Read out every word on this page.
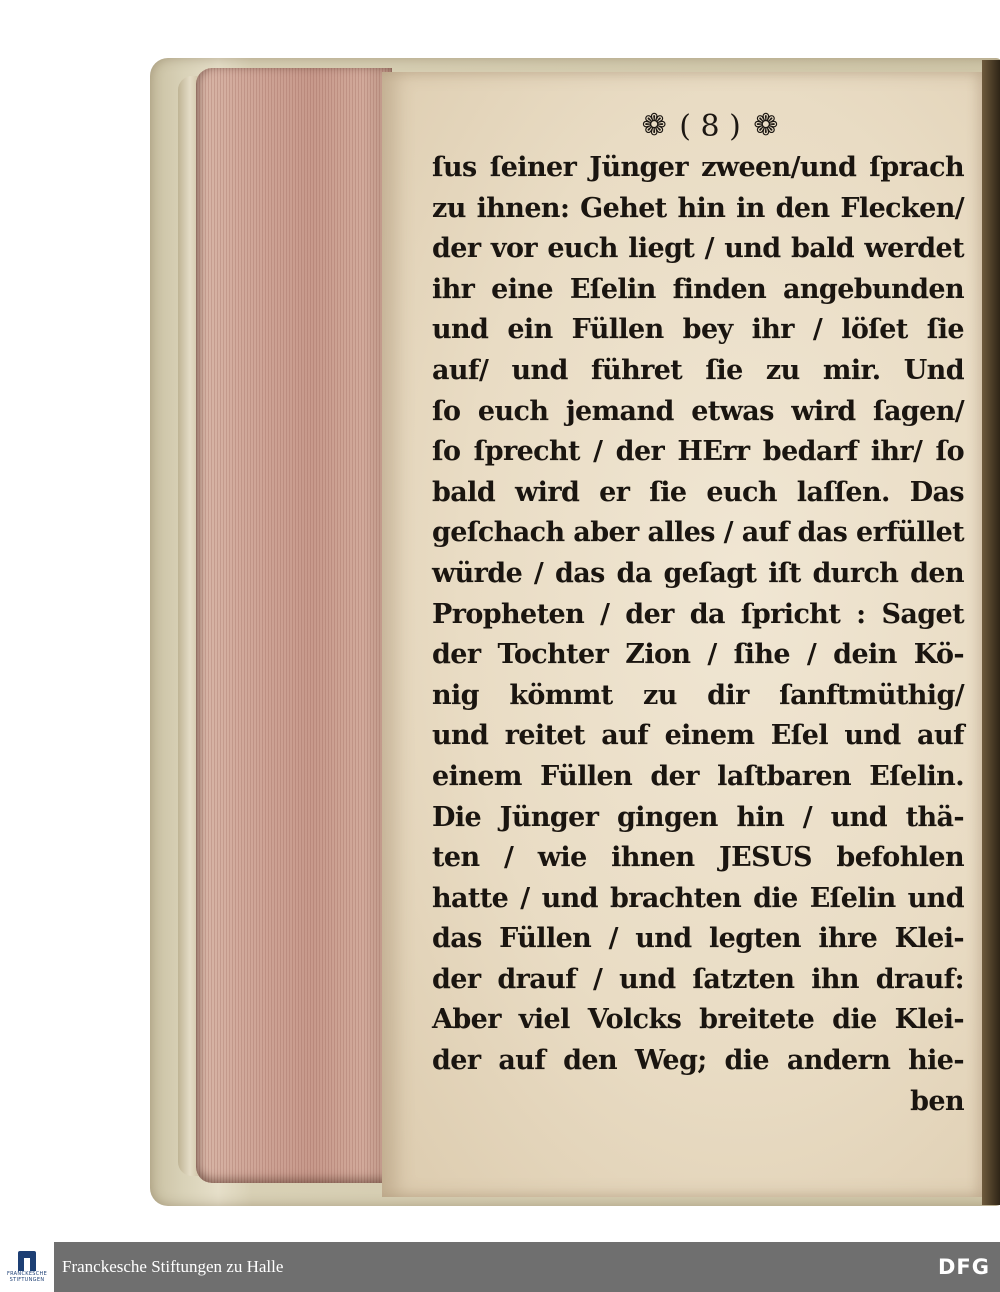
❁ ( 8 ) ❁
ſus ſeiner Jünger zween/und ſprach
zu ihnen: Gehet hin in den Flecken/
der vor euch liegt / und bald werdet
ihr eine Eſelin finden angebunden
und ein Füllen bey ihr / löſet ſie
auf/ und führet ſie zu mir. Und
ſo euch jemand etwas wird ſagen/
ſo ſprecht / der HErr bedarf ihr/ ſo
bald wird er ſie euch laſſen. Das
geſchach aber alles / auf das erfüllet
würde / das da geſagt iſt durch den
Propheten / der da ſpricht : Saget
der Tochter Zion / ſihe / dein Kö-
nig kömmt zu dir ſanftmüthig/
und reitet auf einem Eſel und auf
einem Füllen der laſtbaren Eſelin.
Die Jünger gingen hin / und thä-
ten / wie ihnen JESUS befohlen
hatte / und brachten die Eſelin und
das Füllen / und legten ihre Klei-
der drauf / und ſatzten ihn drauf:
Aber viel Volcks breitete die Klei-
der auf den Weg; die andern hie-
ben
FRANCKESCHE
STIFTUNGEN
Franckesche Stiftungen zu Halle	DFG
